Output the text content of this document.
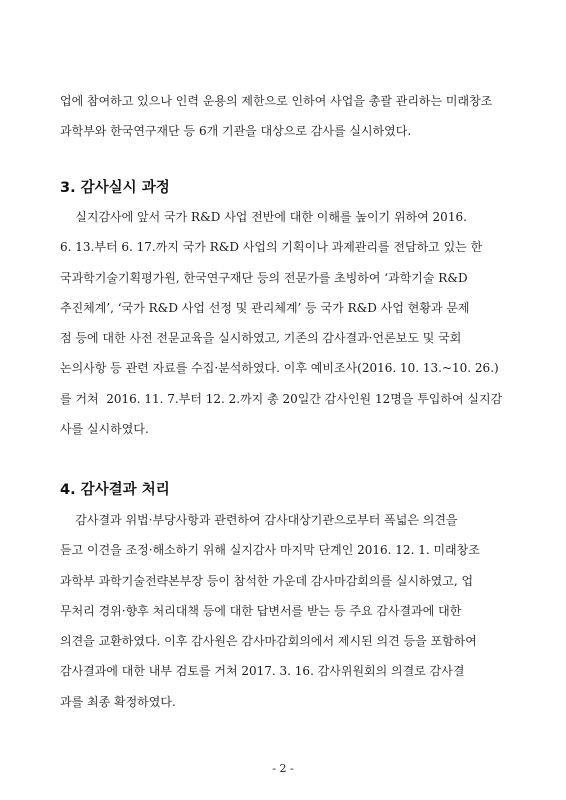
업에 참여하고 있으나 인력 운용의 제한으로 인하여 사업을 총괄 관리하는 미래창조
과학부와 한국연구재단 등 6개 기관을 대상으로 감사를 실시하였다.

3. 감사실시 과정

실지감사에 앞서 국가 R&D 사업 전반에 대한 이해를 높이기 위하여 2016.
6. 13.부터 6. 17.까지 국가 R&D 사업의 기획이나 과제관리를 전담하고 있는 한
국과학기술기획평가원, 한국연구재단 등의 전문가를 초빙하여 ‘과학기술 R&D
추진체계’, ‘국가 R&D 사업 선정 및 관리체계’ 등 국가 R&D 사업 현황과 문제
점 등에 대한 사전 전문교육을 실시하였고, 기존의 감사결과·언론보도 및 국회
논의사항 등 관련 자료를 수집·분석하였다. 이후 예비조사(2016. 10. 13.~10. 26.)
를 거쳐  2016. 11. 7.부터 12. 2.까지 총 20일간 감사인원 12명을 투입하여 실지감
사를 실시하였다.

4. 감사결과 처리

감사결과 위법·부당사항과 관련하여 감사대상기관으로부터 폭넓은 의견을
듣고 이견을 조정·해소하기 위해 실지감사 마지막 단계인 2016. 12. 1. 미래창조
과학부 과학기술전략본부장 등이 참석한 가운데 감사마감회의를 실시하였고, 업
무처리 경위·향후 처리대책 등에 대한 답변서를 받는 등 주요 감사결과에 대한
의견을 교환하였다. 이후 감사원은 감사마감회의에서 제시된 의견 등을 포함하여
감사결과에 대한 내부 검토를 거쳐 2017. 3. 16. 감사위원회의 의결로 감사결
과를 최종 확정하였다.

- 2 -
